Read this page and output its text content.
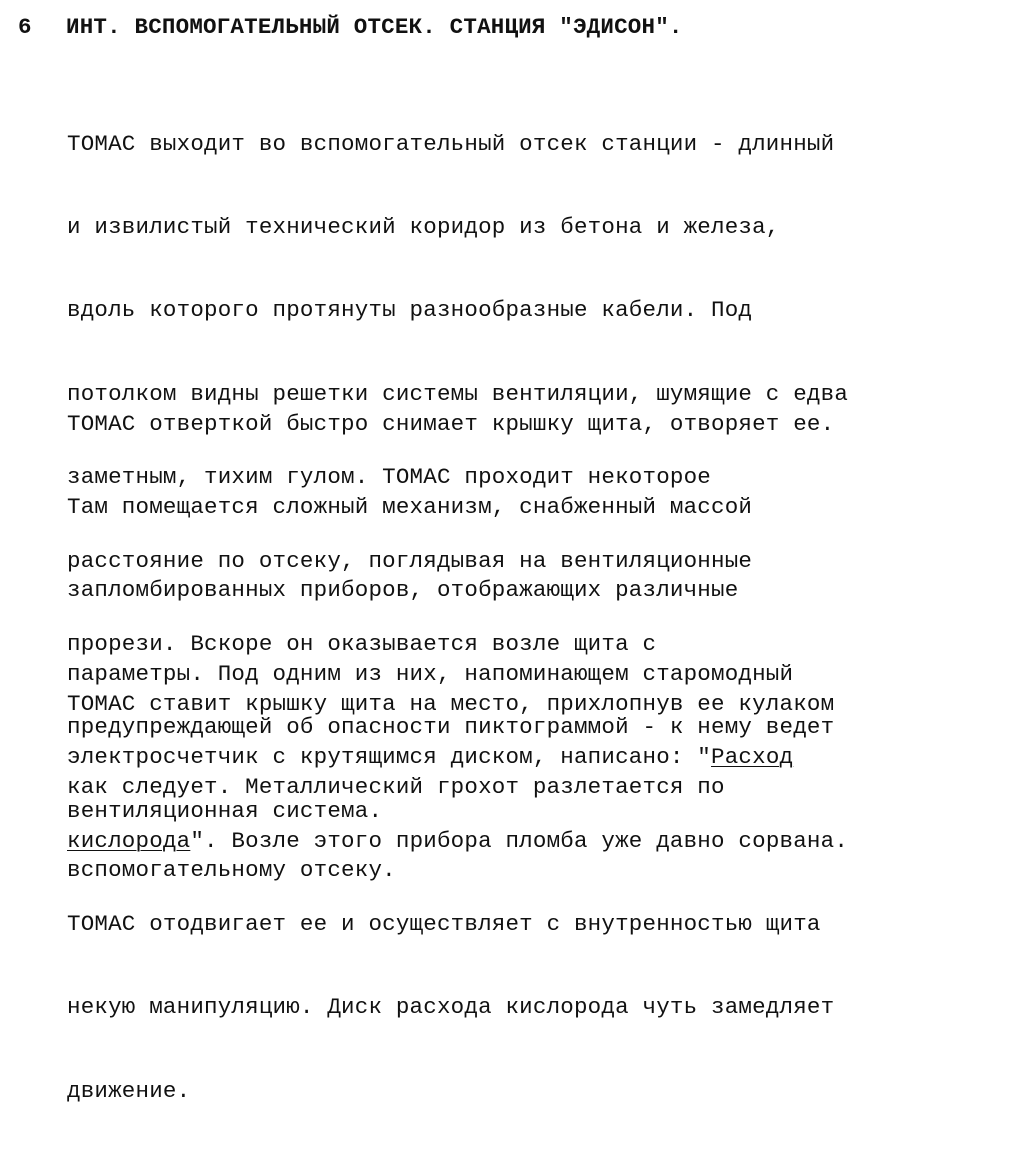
6	ИНТ. ВСПОМОГАТЕЛЬНЫЙ ОТСЕК. СТАНЦИЯ "ЭДИСОН".

ТОМАС выходит во вспомогательный отсек станции - длинный

и извилистый технический коридор из бетона и железа,

вдоль которого протянуты разнообразные кабели. Под

потолком видны решетки системы вентиляции, шумящие с едва

заметным, тихим гулом. ТОМАС проходит некоторое

расстояние по отсеку, поглядывая на вентиляционные

прорези. Вскоре он оказывается возле щита с

предупреждающей об опасности пиктограммой - к нему ведет

вентиляционная система.

ТОМАС отверткой быстро снимает крышку щита, отворяет ее.

Там помещается сложный механизм, снабженный массой

запломбированных приборов, отображающих различные

параметры. Под одним из них, напоминающем старомодный

электросчетчик с крутящимся диском, написано: "Расход

кислорода". Возле этого прибора пломба уже давно сорвана.

ТОМАС отодвигает ее и осуществляет с внутренностью щита

некую манипуляцию. Диск расхода кислорода чуть замедляет

движение.

ТОМАС ставит крышку щита на место, прихлопнув ее кулаком

как следует. Металлический грохот разлетается по

вспомогательному отсеку.
